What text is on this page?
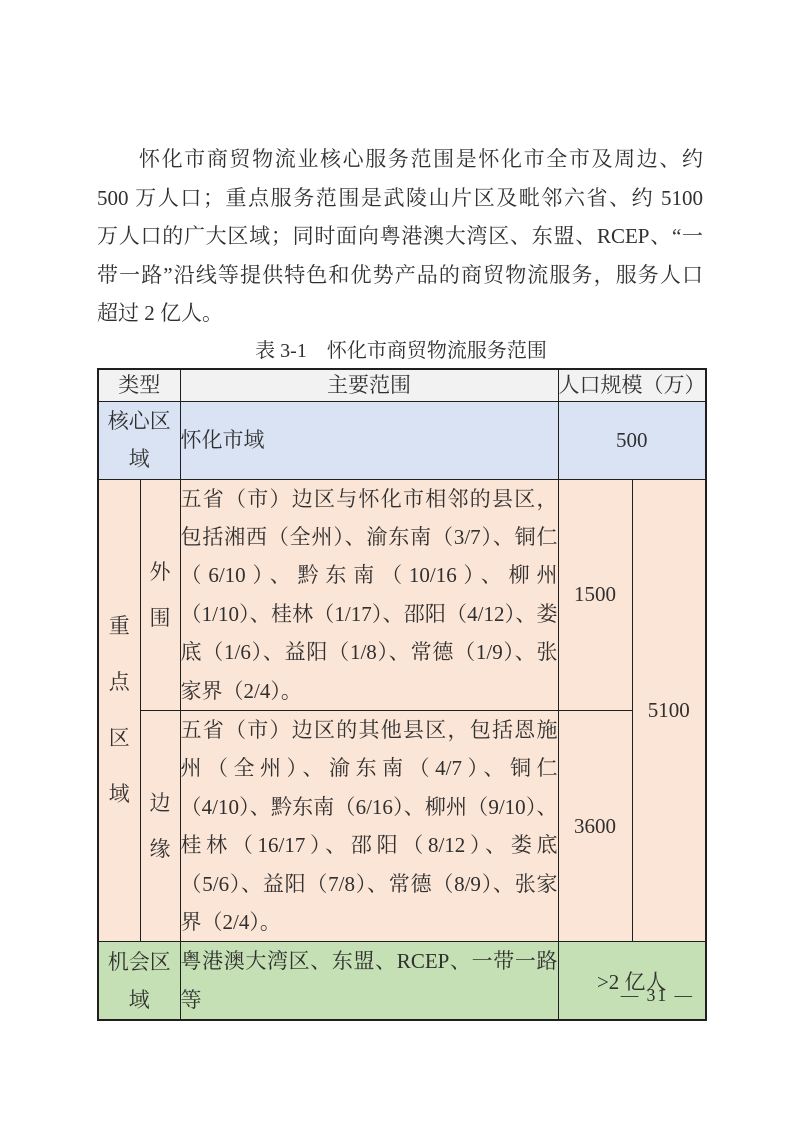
怀化市商贸物流业核心服务范围是怀化市全市及周边、约
500 万人口；重点服务范围是武陵山片区及毗邻六省、约 5100
万人口的广大区域；同时面向粤港澳大湾区、东盟、RCEP、“一
带一路”沿线等提供特色和优势产品的商贸物流服务，服务人口
超过 2 亿人。
表 3-1　怀化市商贸物流服务范围
类型		主要范围	人口规模（万）	
核心区域		怀化市域	500	
重点区域	外围	五省（市）边区与怀化市相邻的县区，包括湘西（全州）、渝东南（3/7）、铜仁（6/10）、黔东南（10/16）、柳州（1/10）、桂林（1/17）、邵阳（4/12）、娄底（1/6）、益阳（1/8）、常德（1/9）、张家界（2/4）。	1500	5100
	边缘	五省（市）边区的其他县区，包括恩施州（全州）、渝东南（4/7）、铜仁（4/10）、黔东南（6/16）、柳州（9/10）、桂林（16/17）、邵阳（8/12）、娄底（5/6）、益阳（7/8）、常德（8/9）、张家界（2/4）。	3600	
机会区域		粤港澳大湾区、东盟、RCEP、一带一路等	>2 亿人	
— 31 —
